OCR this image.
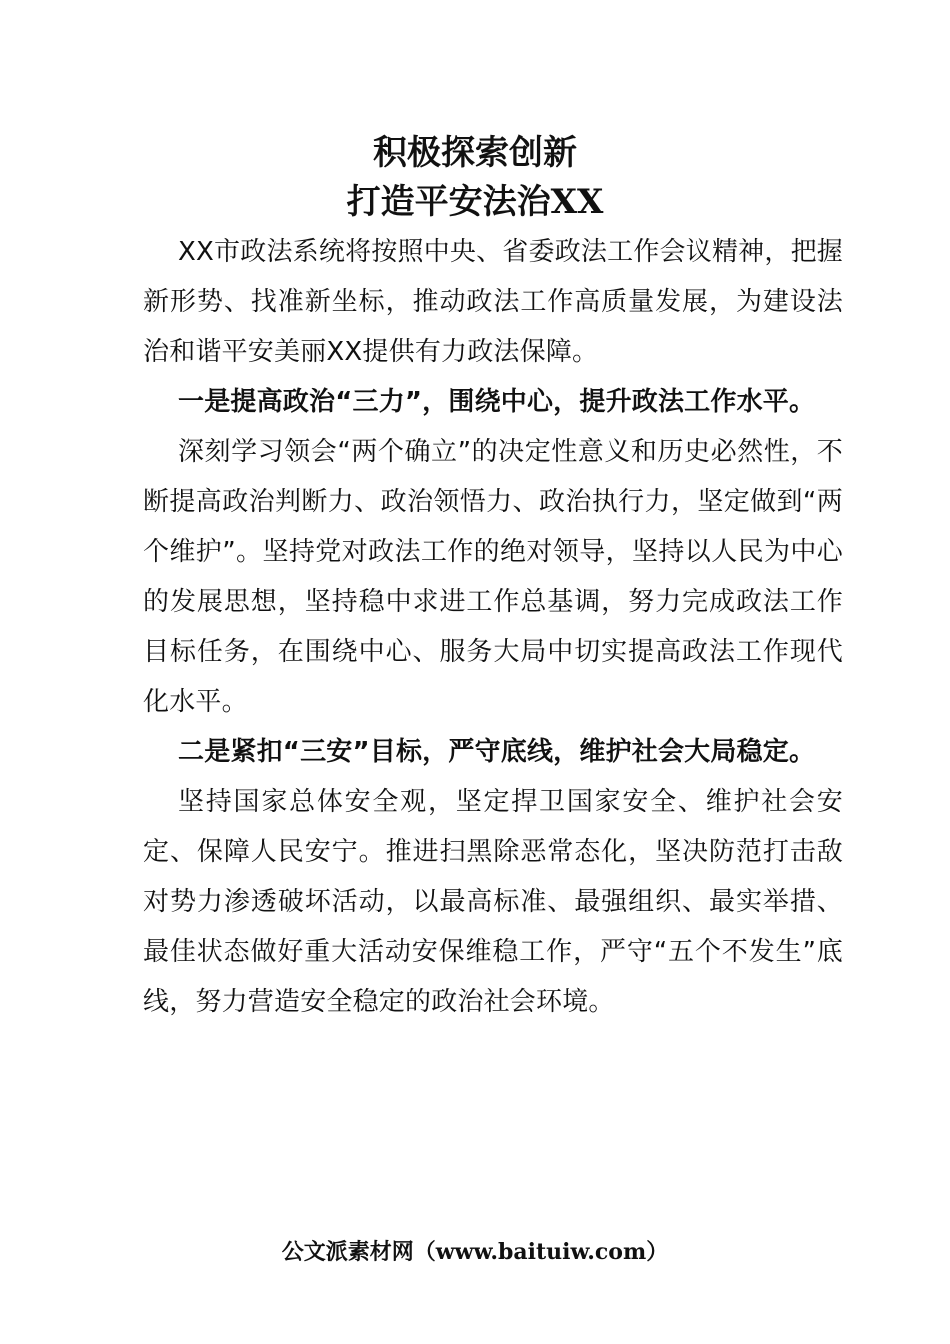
积极探索创新
打造平安法治XX

XX市政法系统将按照中央、省委政法工作会议精神，把握新形势、找准新坐标，推动政法工作高质量发展，为建设法治和谐平安美丽XX提供有力政法保障。

一是提高政治“三力”，围绕中心，提升政法工作水平。

深刻学习领会“两个确立”的决定性意义和历史必然性，不断提高政治判断力、政治领悟力、政治执行力，坚定做到“两个维护”。坚持党对政法工作的绝对领导，坚持以人民为中心的发展思想，坚持稳中求进工作总基调，努力完成政法工作目标任务，在围绕中心、服务大局中切实提高政法工作现代化水平。

二是紧扣“三安”目标，严守底线，维护社会大局稳定。

坚持国家总体安全观，坚定捍卫国家安全、维护社会安定、保障人民安宁。推进扫黑除恶常态化，坚决防范打击敌对势力渗透破坏活动，以最高标准、最强组织、最实举措、最佳状态做好重大活动安保维稳工作，严守“五个不发生”底线，努力营造安全稳定的政治社会环境。

公文派素材网（www.baituiw.com）
